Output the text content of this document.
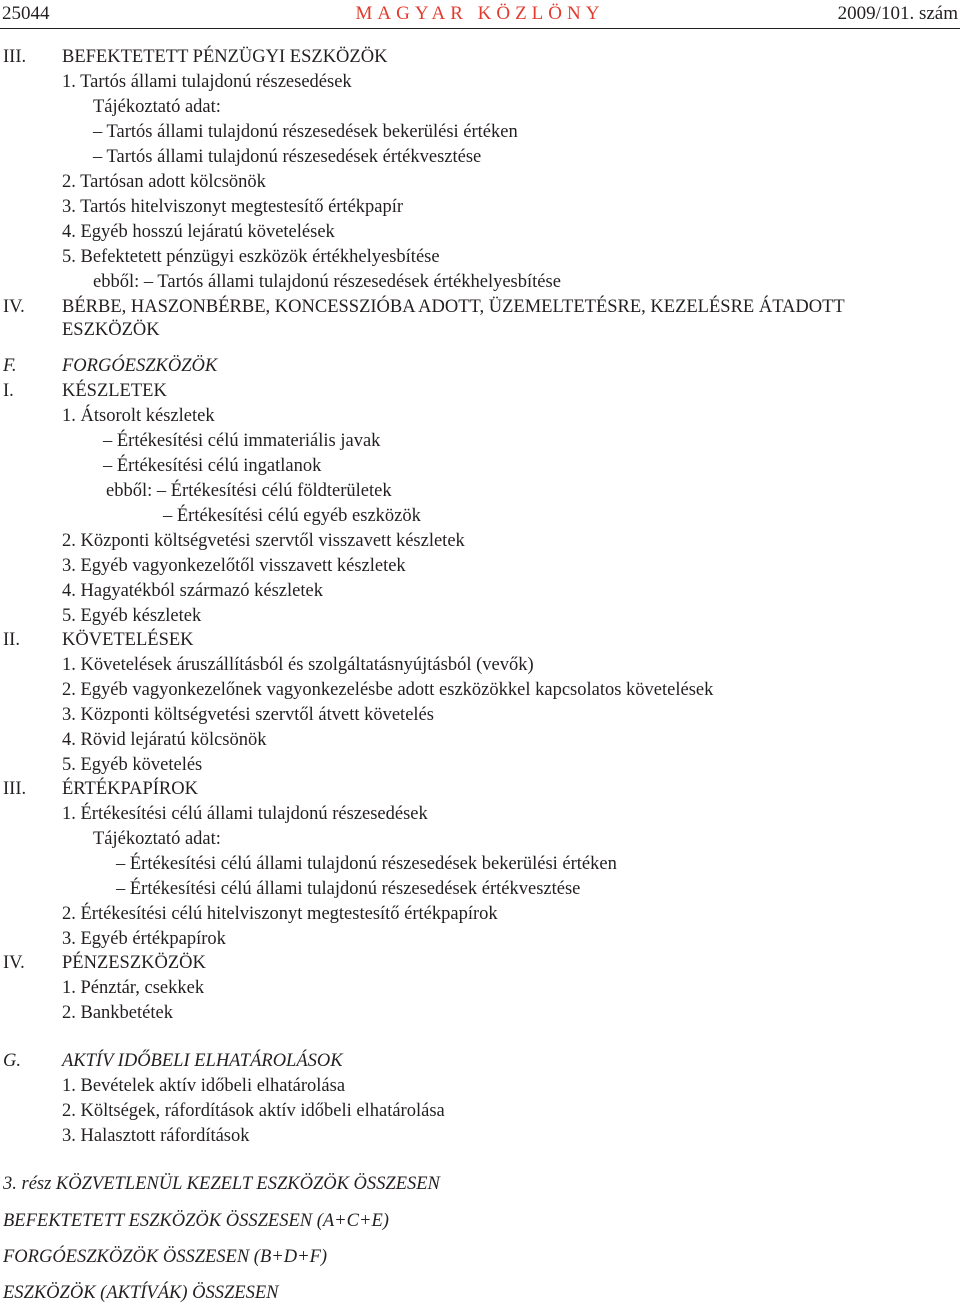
25044	MAGYAR KÖZLÖNY	2009/101. szám
III. BEFEKTETETT PÉNZÜGYI ESZKÖZÖK
1. Tartós állami tulajdonú részesedések
Tájékoztató adat:
– Tartós állami tulajdonú részesedések bekerülési értéken
– Tartós állami tulajdonú részesedések értékvesztése
2. Tartósan adott kölcsönök
3. Tartós hitelviszonyt megtestesítő értékpapír
4. Egyéb hosszú lejáratú követelések
5. Befektetett pénzügyi eszközök értékhelyesbítése
ebből: – Tartós állami tulajdonú részesedések értékhelyesbítése
IV. BÉRBE, HASZONBÉRBE, KONCESSZIÓBA ADOTT, ÜZEMELTETÉSRE, KEZELÉSRE ÁTADOTT
ESZKÖZÖK
F. FORGÓESZKÖZÖK
I.	KÉSZLETEK
1. Átsorolt készletek
– Értékesítési célú immateriális javak
– Értékesítési célú ingatlanok
ebből: – Értékesítési célú földterületek
– Értékesítési célú egyéb eszközök
2. Központi költségvetési szervtől visszavett készletek
3. Egyéb vagyonkezelőtől visszavett készletek
4. Hagyatékból származó készletek
5. Egyéb készletek
II. KÖVETELÉSEK
1. Követelések áruszállításból és szolgáltatásnyújtásból (vevők)
2. Egyéb vagyonkezelőnek vagyonkezelésbe adott eszközökkel kapcsolatos követelések
3. Központi költségvetési szervtől átvett követelés
4. Rövid lejáratú kölcsönök
5. Egyéb követelés
III. ÉRTÉKPAPÍROK
1. Értékesítési célú állami tulajdonú részesedések
Tájékoztató adat:
– Értékesítési célú állami tulajdonú részesedések bekerülési értéken
– Értékesítési célú állami tulajdonú részesedések értékvesztése
2. Értékesítési célú hitelviszonyt megtestesítő értékpapírok
3. Egyéb értékpapírok
IV. PÉNZESZKÖZÖK
1. Pénztár, csekkek
2. Bankbetétek
G. AKTÍV IDŐBELI ELHATÁROLÁSOK
1. Bevételek aktív időbeli elhatárolása
2. Költségek, ráfordítások aktív időbeli elhatárolása
3. Halasztott ráfordítások
3. rész KÖZVETLENÜL KEZELT ESZKÖZÖK ÖSSZESEN
BEFEKTETETT ESZKÖZÖK ÖSSZESEN (A+C+E)
FORGÓESZKÖZÖK ÖSSZESEN (B+D+F)
ESZKÖZÖK (AKTÍVÁK) ÖSSZESEN
